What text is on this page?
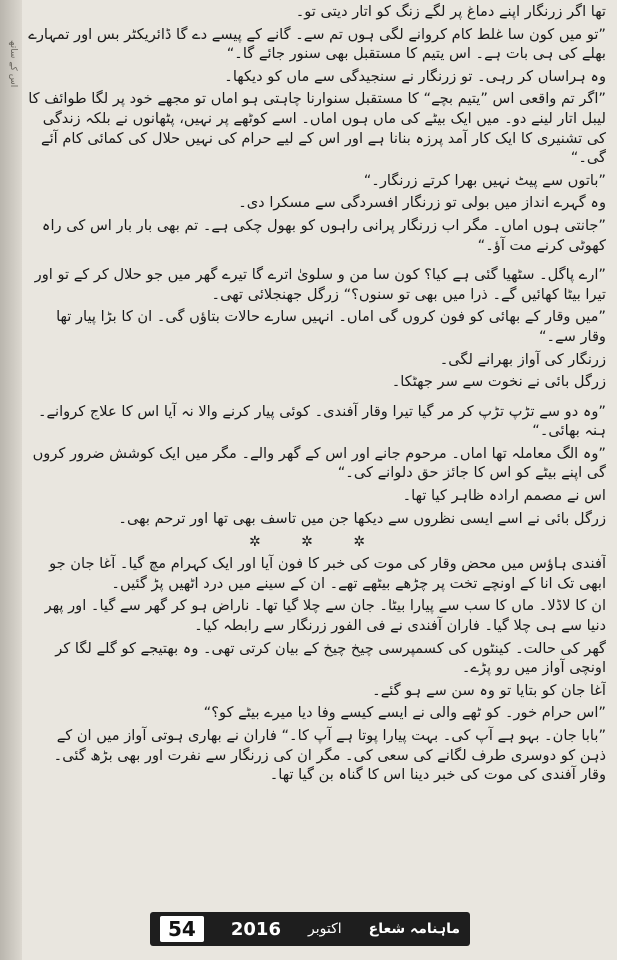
اس کے ساتھ

تھا اگر زرنگار اپنے دماغ پر لگے زنگ کو اتار دیتی تو۔

”تو میں کون سا غلط کام کروانے لگی ہوں تم سے۔ گانے کے پیسے دے گا ڈائریکٹر بس اور تمہارے بھلے کی ہی بات ہے۔ اس یتیم کا مستقبل بھی سنور جائے گا۔“

وہ ہراساں کر رہی۔ تو زرنگار نے سنجیدگی سے ماں کو دیکھا۔

”اگر تم واقعی اس ”یتیم بچے“ کا مستقبل سنوارنا چاہتی ہو اماں تو مجھے خود پر لگا طوائف کا لیبل اتار لینے دو۔ میں ایک بیٹے کی ماں ہوں اماں۔ اسے کوٹھے پر نہیں، پٹھانوں نے بلکہ زندگی کی تشنیری کا ایک کار آمد پرزہ بنانا ہے اور اس کے لیے حرام کی نہیں حلال کی کمائی کام آئے گی۔“

”باتوں سے پیٹ نہیں بھرا کرتے زرنگار۔“

وہ گہرے انداز میں بولی تو زرنگار افسردگی سے مسکرا دی۔

”جانتی ہوں اماں۔ مگر اب زرنگار پرانی راہوں کو بھول چکی ہے۔ تم بھی بار بار اس کی راہ کھوٹی کرنے مت آؤ۔“

”ارے پاگل۔ سٹھیا گئی ہے کیا؟ کون سا من و سلویٰ اترے گا تیرے گھر میں جو حلال کر کے تو اور تیرا بیٹا کھائیں گے۔ ذرا میں بھی تو سنوں؟“ زرگل جھنجلائی تھی۔

”میں وقار کے بھائی کو فون کروں گی اماں۔ انہیں سارے حالات بتاؤں گی۔ ان کا بڑا پیار تھا وقار سے۔“

زرنگار کی آواز بھرانے لگی۔

زرگل بائی نے نخوت سے سر جھٹکا۔

”وہ دو سے تڑپ تڑپ کر مر گیا تیرا وقار آفندی۔ کوئی پیار کرنے والا نہ آیا اس کا علاج کروانے۔ ہنہ بھائی۔“

”وہ الگ معاملہ تھا اماں۔ مرحوم جانے اور اس کے گھر والے۔ مگر میں ایک کوشش ضرور کروں گی اپنے بیٹے کو اس کا جائز حق دلوانے کی۔“

اس نے مصمم ارادہ ظاہر کیا تھا۔

زرگل بائی نے اسے ایسی نظروں سے دیکھا جن میں تاسف بھی تھا اور ترحم بھی۔

✲ ✲ ✲

آفندی ہاؤس میں محض وقار کی موت کی خبر کا فون آیا اور ایک کہرام مچ گیا۔ آغا جان جو ابھی تک انا کے اونچے تخت پر چڑھے بیٹھے تھے۔ ان کے سینے میں درد اٹھیں پڑ گئیں۔

ان کا لاڈلا۔ ماں کا سب سے پیارا بیٹا۔ جان سے چلا گیا تھا۔ ناراض ہو کر گھر سے گیا۔ اور پھر دنیا سے ہی چلا گیا۔ فاران آفندی نے فی الفور زرنگار سے رابطہ کیا۔

گھر کی حالت۔ کینٹوں کی کسمپرسی چیخ چیخ کے بیان کرتی تھی۔ وہ بھتیجے کو گلے لگا کر اونچی آواز میں رو پڑے۔

آغا جان کو بتایا تو وہ سن سے ہو گئے۔

”اس حرام خور۔ کو ٹھے والی نے ایسے کیسے وفا دیا میرے بیٹے کو؟“

”بابا جان۔ بہو ہے آپ کی۔ بہت پیارا پوتا ہے آپ کا۔“ فاران نے بھاری ہوتی آواز میں ان کے ذہن کو دوسری طرف لگانے کی سعی کی۔ مگر ان کی زرنگار سے نفرت اور بھی بڑھ گئی۔ وقار آفندی کی موت کی خبر دینا اس کا گناہ بن گیا تھا۔

ماہنامہ شعاع
اکتوبر
2016
54
